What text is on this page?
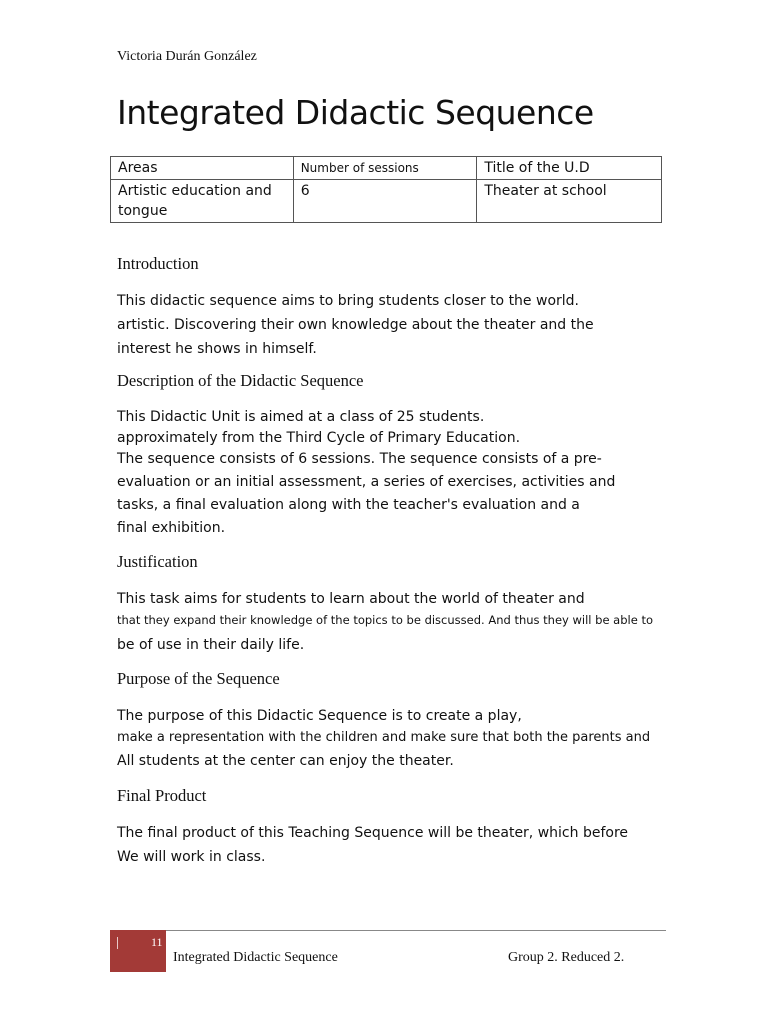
Victoria Durán González
Integrated Didactic Sequence
Areas	Number of sessions	Title of the U.D
Artistic education and tongue	6	Theater at school
Introduction
This didactic sequence aims to bring students closer to the world.
artistic. Discovering their own knowledge about the theater and the
interest he shows in himself.
Description of the Didactic Sequence
This Didactic Unit is aimed at a class of 25 students.
approximately from the Third Cycle of Primary Education.
The sequence consists of 6 sessions. The sequence consists of a pre-
evaluation or an initial assessment, a series of exercises, activities and
tasks, a final evaluation along with the teacher's evaluation and a
final exhibition.
Justification
This task aims for students to learn about the world of theater and
that they expand their knowledge of the topics to be discussed. And thus they will be able to
be of use in their daily life.
Purpose of the Sequence
The purpose of this Didactic Sequence is to create a play,
make a representation with the children and make sure that both the parents and
All students at the center can enjoy the theater.
Final Product
The final product of this Teaching Sequence will be theater, which before
We will work in class.
11
Integrated Didactic Sequence	Group 2. Reduced 2.
